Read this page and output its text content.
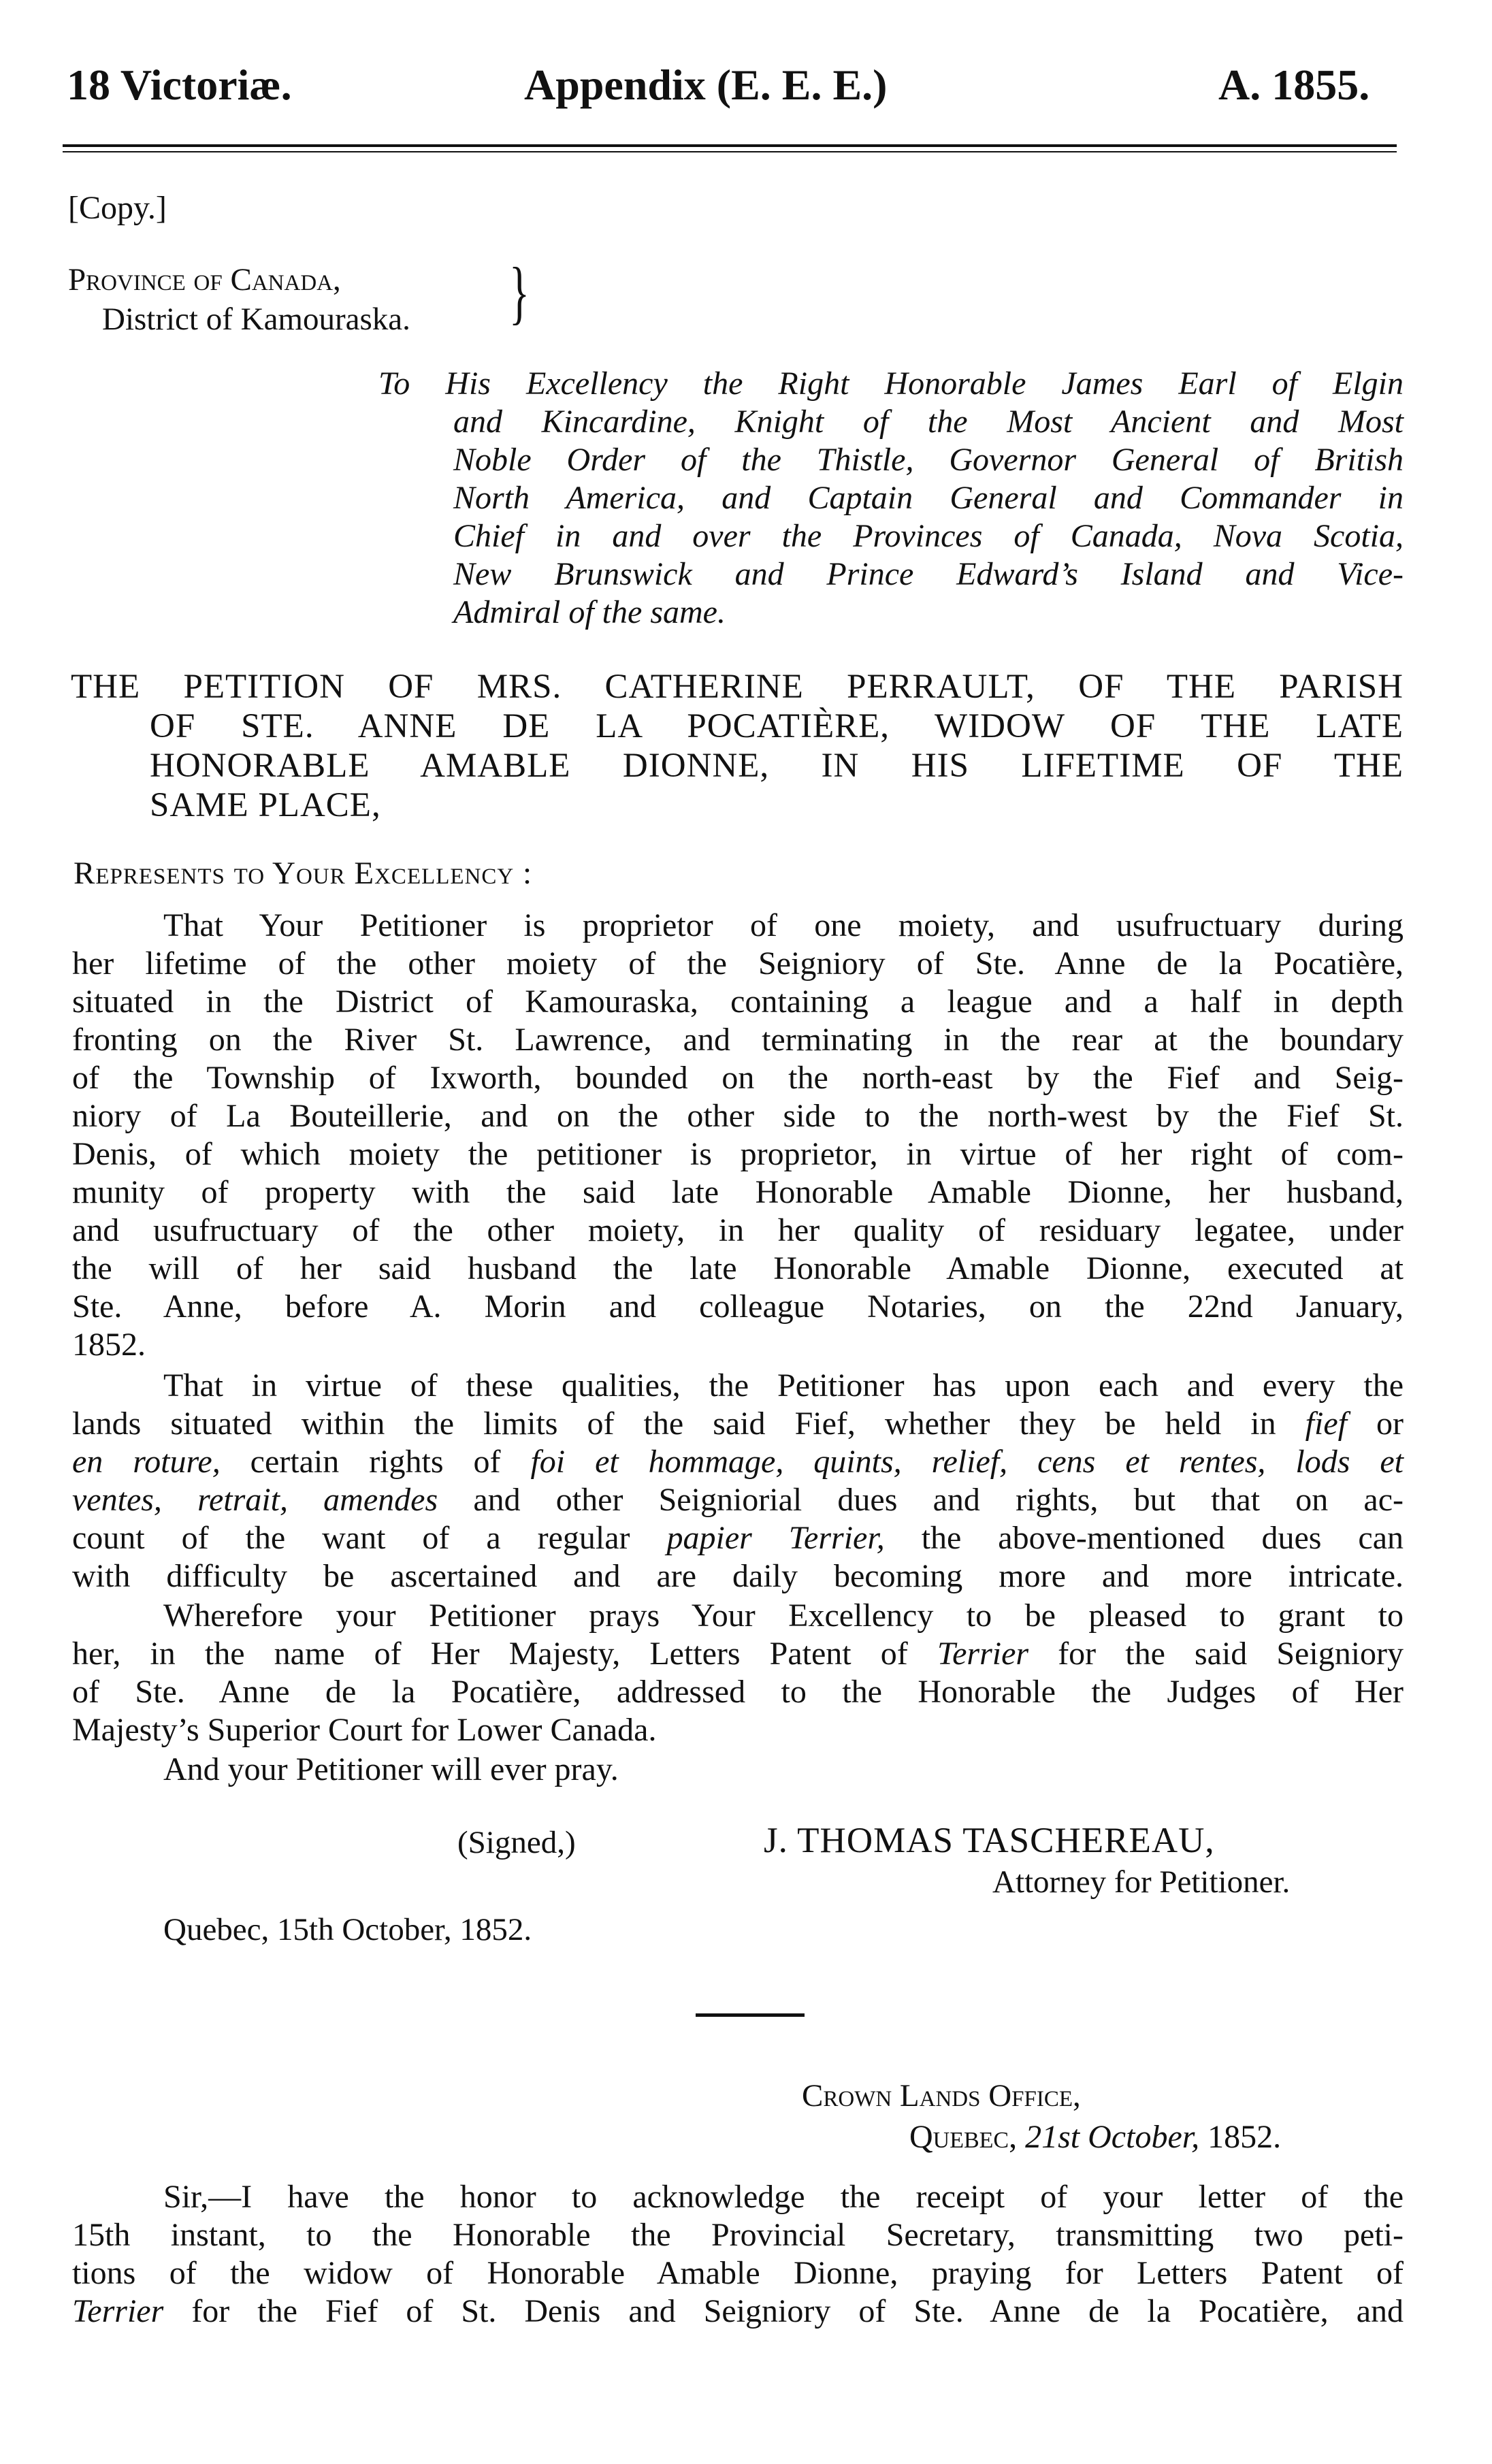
18 Victoriæ.	Appendix (E. E. E.)	A. 1855.
[Copy.]
Province of Canada,
District of Kamouraska. }
To His Excellency the Right Honorable James Earl of Elgin
and Kincardine, Knight of the Most Ancient and Most
Noble Order of the Thistle, Governor General of British
North America, and Captain General and Commander in
Chief in and over the Provinces of Canada, Nova Scotia,
New Brunswick and Prince Edward’s Island and Vice-
Admiral of the same.
THE PETITION OF MRS. CATHERINE PERRAULT, OF THE PARISH
OF STE. ANNE DE LA POCATIÈRE, WIDOW OF THE LATE
HONORABLE AMABLE DIONNE, IN HIS LIFETIME OF THE
SAME PLACE,
Represents to Your Excellency :
That Your Petitioner is proprietor of one moiety, and usufructuary during
her lifetime of the other moiety of the Seigniory of Ste. Anne de la Pocatière,
situated in the District of Kamouraska, containing a league and a half in depth
fronting on the River St. Lawrence, and terminating in the rear at the boundary
of the Township of Ixworth, bounded on the north-east by the Fief and Seig-
niory of La Bouteillerie, and on the other side to the north-west by the Fief St.
Denis, of which moiety the petitioner is proprietor, in virtue of her right of com-
munity of property with the said late Honorable Amable Dionne, her husband,
and usufructuary of the other moiety, in her quality of residuary legatee, under
the will of her said husband the late Honorable Amable Dionne, executed at
Ste. Anne, before A. Morin and colleague Notaries, on the 22nd January,
1852.
That in virtue of these qualities, the Petitioner has upon each and every the
lands situated within the limits of the said Fief, whether they be held in fief or
en roture, certain rights of foi et hommage, quints, relief, cens et rentes, lods et
ventes, retrait, amendes and other Seigniorial dues and rights, but that on ac-
count of the want of a regular papier Terrier, the above-mentioned dues can
with difficulty be ascertained and are daily becoming more and more intricate.
Wherefore your Petitioner prays Your Excellency to be pleased to grant to
her, in the name of Her Majesty, Letters Patent of Terrier for the said Seigniory
of Ste. Anne de la Pocatière, addressed to the Honorable the Judges of Her
Majesty’s Superior Court for Lower Canada.
And your Petitioner will ever pray.
(Signed,)	J. THOMAS TASCHEREAU,
Attorney for Petitioner.
Quebec, 15th October, 1852.
Crown Lands Office,
Quebec, 21st October, 1852.
Sir,—I have the honor to acknowledge the receipt of your letter of the
15th instant, to the Honorable the Provincial Secretary, transmitting two peti-
tions of the widow of Honorable Amable Dionne, praying for Letters Patent of
Terrier for the Fief of St. Denis and Seigniory of Ste. Anne de la Pocatière, and
